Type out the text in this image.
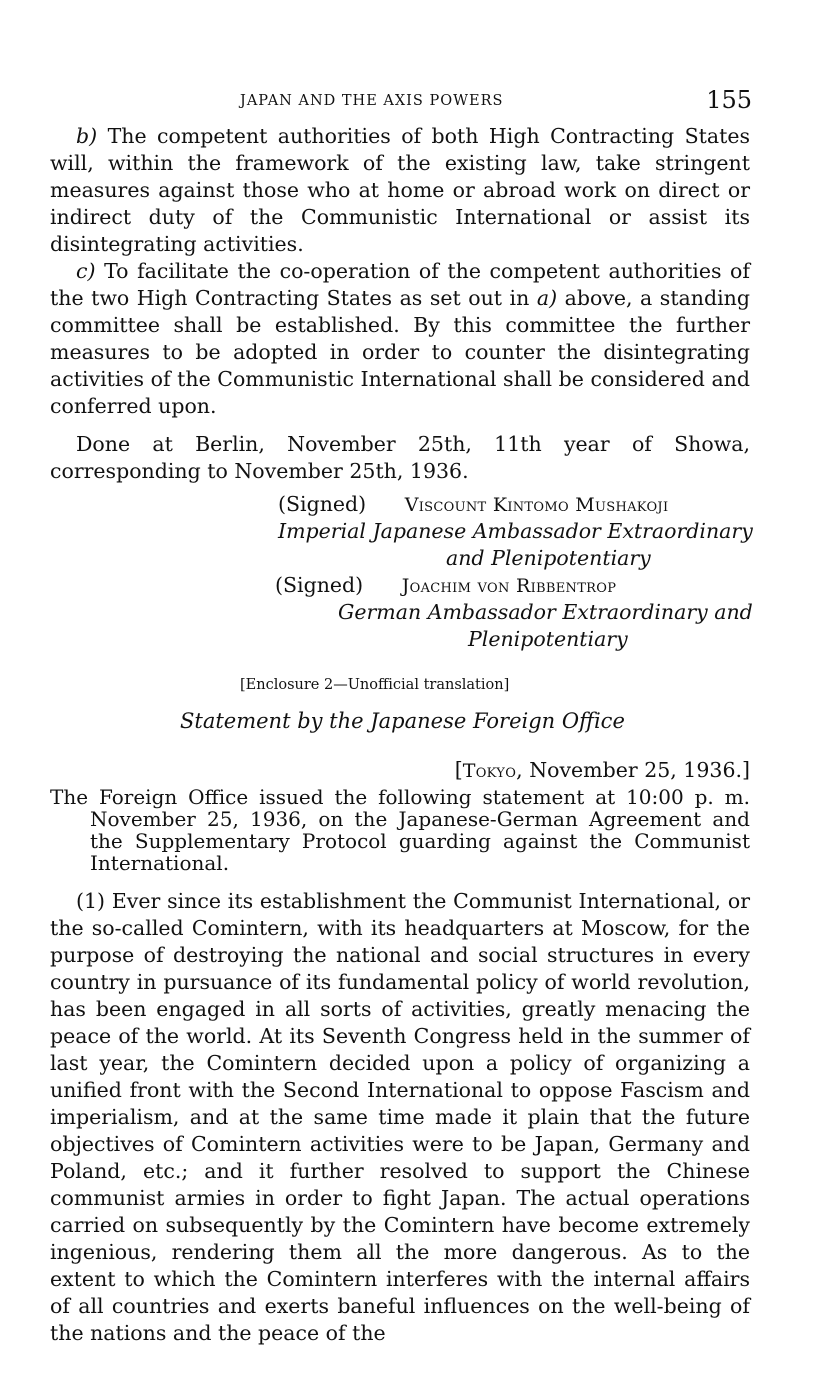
JAPAN AND THE AXIS POWERS	155

b) The competent authorities of both High Contracting States will, within the framework of the existing law, take stringent measures against those who at home or abroad work on direct or indirect duty of the Communistic International or assist its disintegrating activities.

c) To facilitate the co-operation of the competent authorities of the two High Contracting States as set out in a) above, a standing committee shall be established. By this committee the further measures to be adopted in order to counter the disintegrating activities of the Communistic International shall be considered and conferred upon.

Done at Berlin, November 25th, 11th year of Showa, corresponding to November 25th, 1936.

(Signed) Viscount Kintomo Mushakoji
Imperial Japanese Ambassador Extraordinary
and Plenipotentiary
(Signed) Joachim von Ribbentrop
German Ambassador Extraordinary and
Plenipotentiary
[Enclosure 2—Unofficial translation]
Statement by the Japanese Foreign Office
[Tokyo, November 25, 1936.]

The Foreign Office issued the following statement at 10:00 p. m. November 25, 1936, on the Japanese-German Agreement and the Supplementary Protocol guarding against the Communist International.

(1) Ever since its establishment the Communist International, or the so-called Comintern, with its headquarters at Moscow, for the purpose of destroying the national and social structures in every country in pursuance of its fundamental policy of world revolution, has been engaged in all sorts of activities, greatly menacing the peace of the world. At its Seventh Congress held in the summer of last year, the Comintern decided upon a policy of organizing a unified front with the Second International to oppose Fascism and imperialism, and at the same time made it plain that the future objectives of Comintern activities were to be Japan, Germany and Poland, etc.; and it further resolved to support the Chinese communist armies in order to fight Japan. The actual operations carried on subsequently by the Comintern have become extremely ingenious, rendering them all the more dangerous. As to the extent to which the Comintern interferes with the internal affairs of all countries and exerts baneful influences on the well-being of the nations and the peace of the
